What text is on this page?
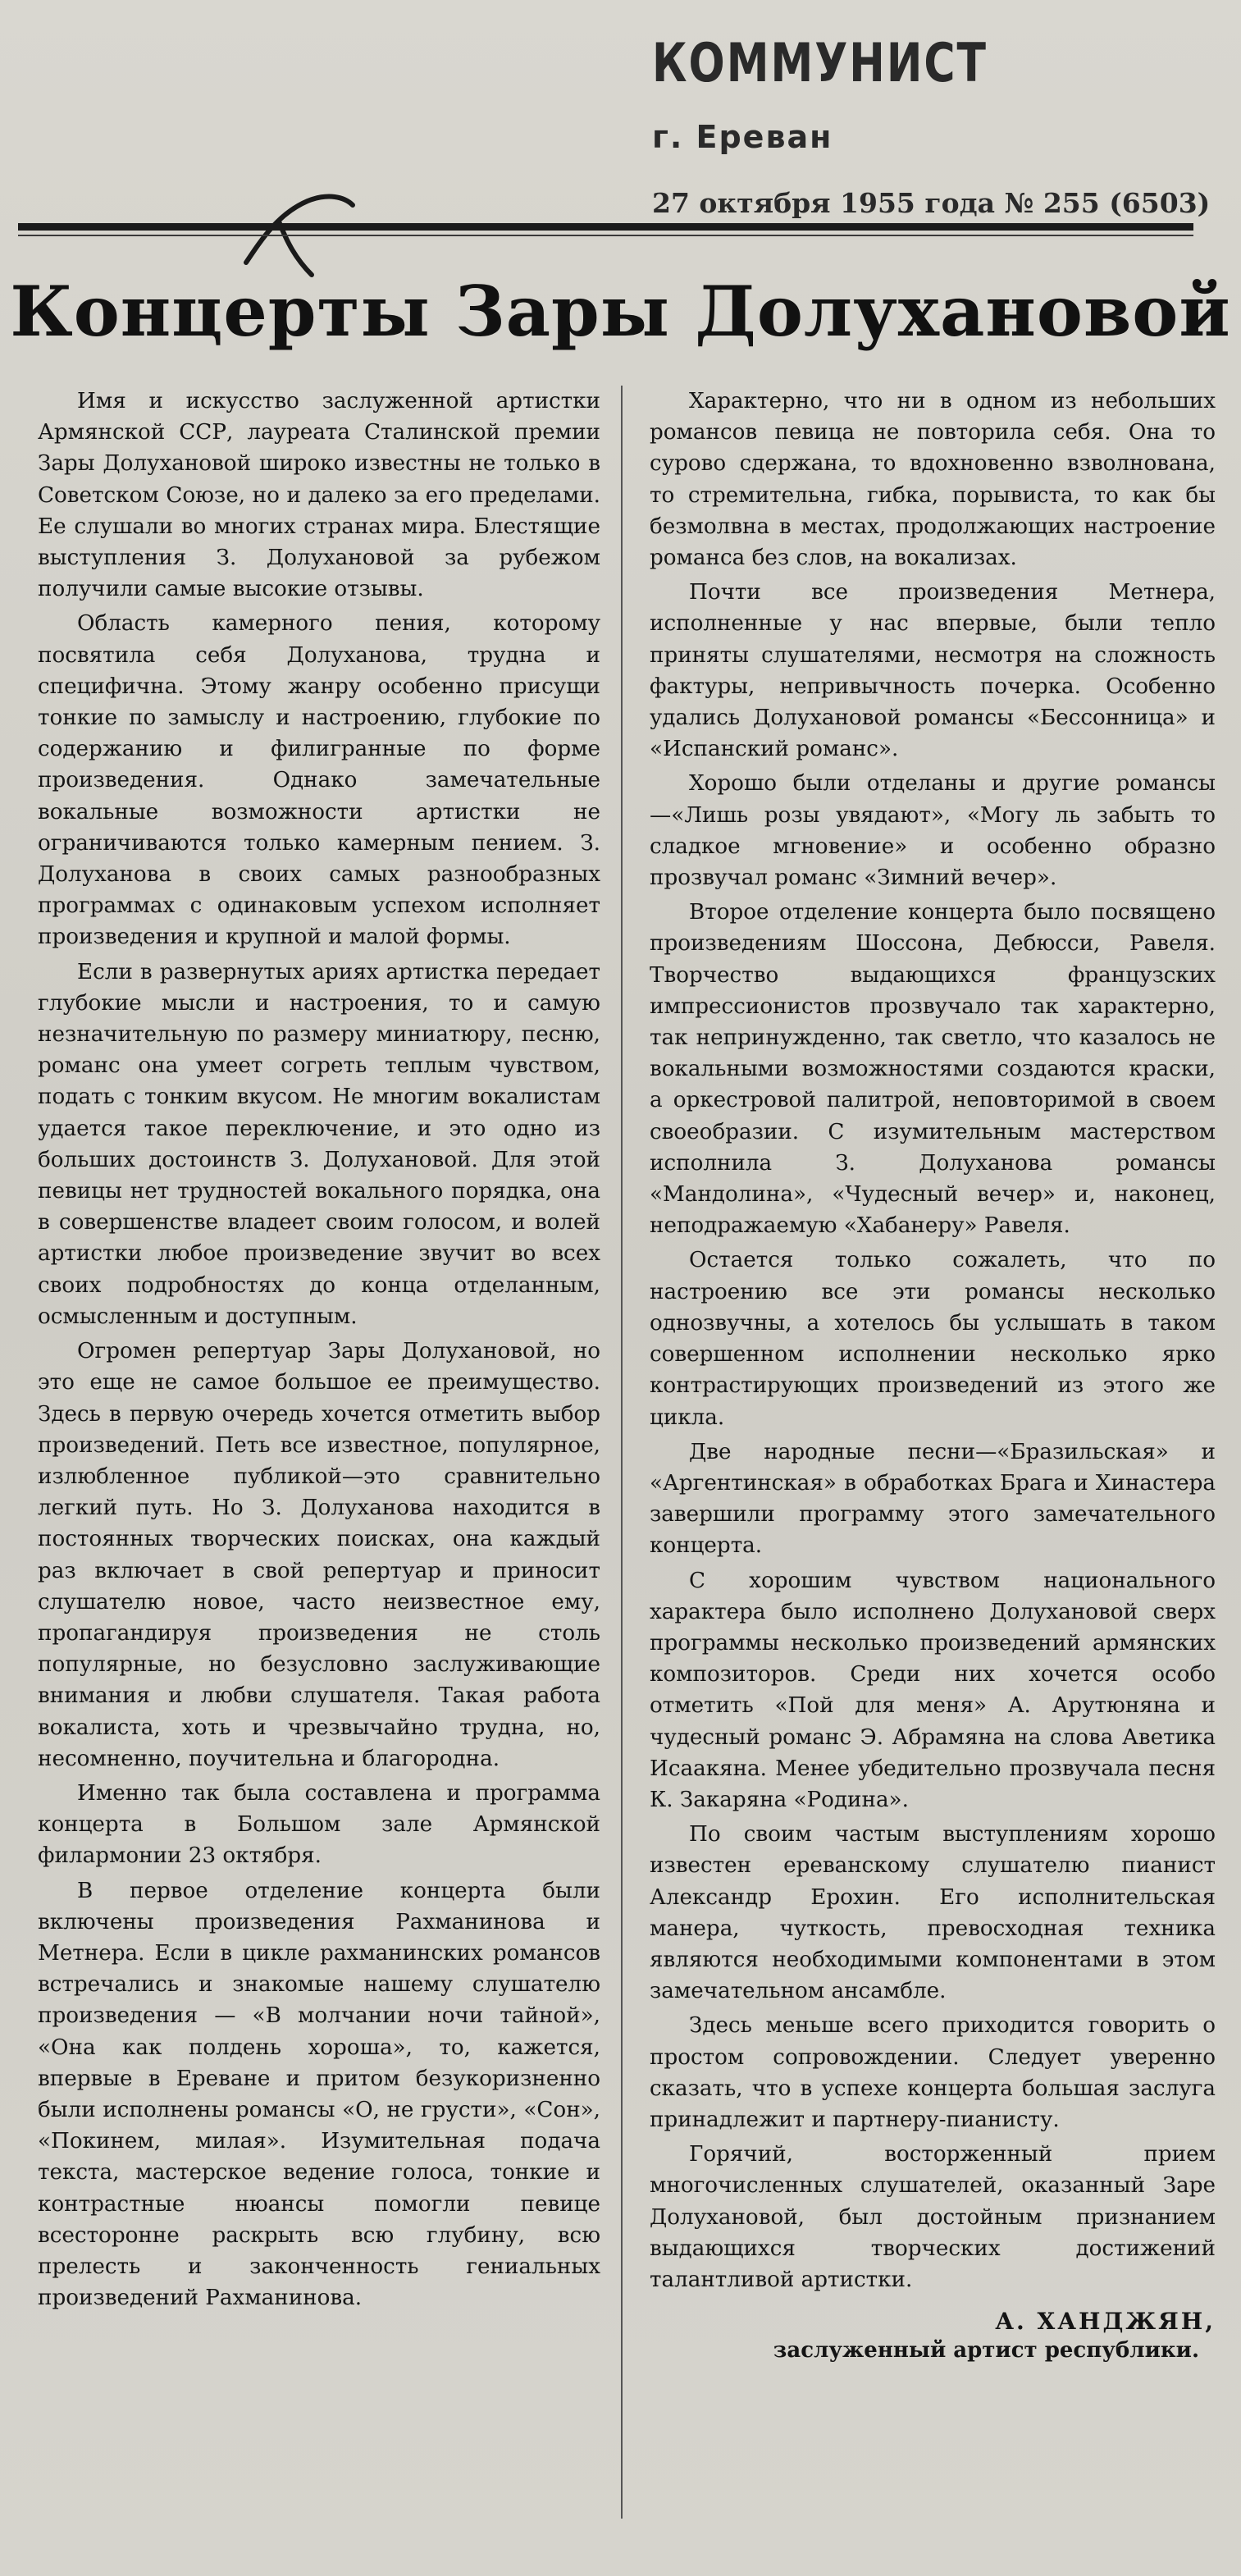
КОММУНИСТ
г. Ереван
27 октября 1955 года № 255 (6503)
Концерты Зары Долухановой

Имя и искусство заслуженной артистки Армянской ССР, лауреата Сталинской премии Зары Долухановой широко известны не только в Советском Союзе, но и далеко за его пределами. Ее слушали во многих странах мира. Блестящие выступления З. Долухановой за рубежом получили самые высокие отзывы.

Область камерного пения, которому посвятила себя Долуханова, трудна и специфична. Этому жанру особенно присущи тонкие по замыслу и настроению, глубокие по содержанию и филигранные по форме произведения. Однако замечательные вокальные возможности артистки не ограничиваются только камерным пением. З. Долуханова в своих самых разнообразных программах с одинаковым успехом исполняет произведения и крупной и малой формы.

Если в развернутых ариях артистка передает глубокие мысли и настроения, то и самую незначительную по размеру миниатюру, песню, романс она умеет согреть теплым чувством, подать с тонким вкусом. Не многим вокалистам удается такое переключение, и это одно из больших достоинств З. Долухановой. Для этой певицы нет трудностей вокального порядка, она в совершенстве владеет своим голосом, и волей артистки любое произведение звучит во всех своих подробностях до конца отделанным, осмысленным и доступным.

Огромен репертуар Зары Долухановой, но это еще не самое большое ее преимущество. Здесь в первую очередь хочется отметить выбор произведений. Петь все известное, популярное, излюбленное публикой—это сравнительно легкий путь. Но З. Долуханова находится в постоянных творческих поисках, она каждый раз включает в свой репертуар и приносит слушателю новое, часто неизвестное ему, пропагандируя произведения не столь популярные, но безусловно заслуживающие внимания и любви слушателя. Такая работа вокалиста, хоть и чрезвычайно трудна, но, несомненно, поучительна и благородна.

Именно так была составлена и программа концерта в Большом зале Армянской филармонии 23 октября.

В первое отделение концерта были включены произведения Рахманинова и Метнера. Если в цикле рахманинских романсов встречались и знакомые нашему слушателю произведения — «В молчании ночи тайной», «Она как полдень хороша», то, кажется, впервые в Ереване и притом безукоризненно были исполнены романсы «О, не грусти», «Сон», «Покинем, милая». Изумительная подача текста, мастерское ведение голоса, тонкие и контрастные нюансы помогли певице всесторонне раскрыть всю глубину, всю прелесть и законченность гениальных произведений Рахманинова.

Характерно, что ни в одном из небольших романсов певица не повторила себя. Она то сурово сдержана, то вдохновенно взволнована, то стремительна, гибка, порывиста, то как бы безмолвна в местах, продолжающих настроение романса без слов, на вокализах.

Почти все произведения Метнера, исполненные у нас впервые, были тепло приняты слушателями, несмотря на сложность фактуры, непривычность почерка. Особенно удались Долухановой романсы «Бессонница» и «Испанский романс».

Хорошо были отделаны и другие романсы—«Лишь розы увядают», «Могу ль забыть то сладкое мгновение» и особенно образно прозвучал романс «Зимний вечер».

Второе отделение концерта было посвящено произведениям Шоссона, Дебюсси, Равеля. Творчество выдающихся французских импрессионистов прозвучало так характерно, так непринужденно, так светло, что казалось не вокальными возможностями создаются краски, а оркестровой палитрой, неповторимой в своем своеобразии. С изумительным мастерством исполнила З. Долуханова романсы «Мандолина», «Чудесный вечер» и, наконец, неподражаемую «Хабанеру» Равеля.

Остается только сожалеть, что по настроению все эти романсы несколько однозвучны, а хотелось бы услышать в таком совершенном исполнении несколько ярко контрастирующих произведений из этого же цикла.

Две народные песни—«Бразильская» и «Аргентинская» в обработках Брага и Хинастера завершили программу этого замечательного концерта.

С хорошим чувством национального характера было исполнено Долухановой сверх программы несколько произведений армянских композиторов. Среди них хочется особо отметить «Пой для меня» А. Арутюняна и чудесный романс Э. Абрамяна на слова Аветика Исаакяна. Менее убедительно прозвучала песня К. Закаряна «Родина».

По своим частым выступлениям хорошо известен ереванскому слушателю пианист Александр Ерохин. Его исполнительская манера, чуткость, превосходная техника являются необходимыми компонентами в этом замечательном ансамбле.

Здесь меньше всего приходится говорить о простом сопровождении. Следует уверенно сказать, что в успехе концерта большая заслуга принадлежит и партнеру-пианисту.

Горячий, восторженный прием многочисленных слушателей, оказанный Заре Долухановой, был достойным признанием выдающихся творческих достижений талантливой артистки.

А. ХАНДЖЯН,
заслуженный артист республики.
